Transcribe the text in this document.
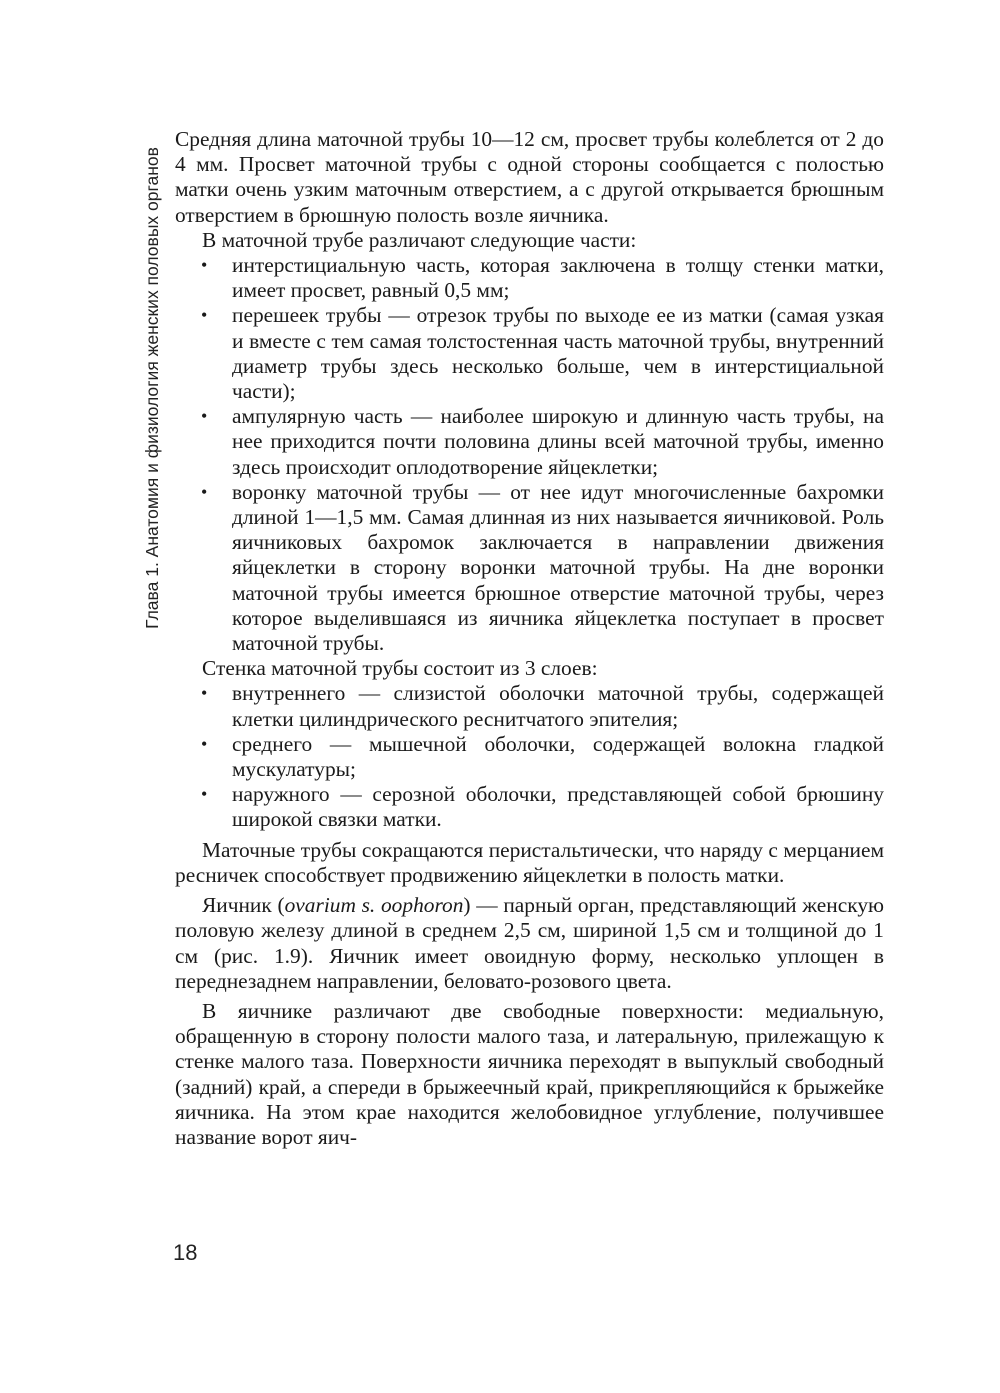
Глава 1. Анатомия и физиология женских половых органов

Средняя длина маточной трубы 10—12 см, просвет трубы колеблется от 2 до 4 мм. Просвет маточной трубы с одной стороны сообщается с полостью матки очень узким маточным отверстием, а с другой открывается брюшным отверстием в брюшную полость возле яичника.

В маточной трубе различают следующие части:

• интерстициальную часть, которая заключена в толщу стенки матки, имеет просвет, равный 0,5 мм;
• перешеек трубы — отрезок трубы по выходе ее из матки (самая узкая и вместе с тем самая толстостенная часть маточной трубы, внутренний диаметр трубы здесь несколько больше, чем в интерстициальной части);
• ампулярную часть — наиболее широкую и длинную часть трубы, на нее приходится почти половина длины всей маточной трубы, именно здесь происходит оплодотворение яйцеклетки;
• воронку маточной трубы — от нее идут многочисленные бахромки длиной 1—1,5 мм. Самая длинная из них называется яичниковой. Роль яичниковых бахромок заключается в направлении движения яйцеклетки в сторону воронки маточной трубы. На дне воронки маточной трубы имеется брюшное отверстие маточной трубы, через которое выделившаяся из яичника яйцеклетка поступает в просвет маточной трубы.

Стенка маточной трубы состоит из 3 слоев:

• внутреннего — слизистой оболочки маточной трубы, содержащей клетки цилиндрического реснитчатого эпителия;
• среднего — мышечной оболочки, содержащей волокна гладкой мускулатуры;
• наружного — серозной оболочки, представляющей собой брюшину широкой связки матки.

Маточные трубы сокращаются перистальтически, что наряду с мерцанием ресничек способствует продвижению яйцеклетки в полость матки.

Яичник (ovarium s. oophoron) — парный орган, представляющий женскую половую железу длиной в среднем 2,5 см, шириной 1,5 см и толщиной до 1 см (рис. 1.9). Яичник имеет овоидную форму, несколько уплощен в переднезаднем направлении, беловато-розового цвета.

В яичнике различают две свободные поверхности: медиальную, обращенную в сторону полости малого таза, и латеральную, прилежащую к стенке малого таза. Поверхности яичника переходят в выпуклый свободный (задний) край, а спереди в брыжеечный край, прикрепляющийся к брыжейке яичника. На этом крае находится желобовидное углубление, получившее название ворот яич-

18
